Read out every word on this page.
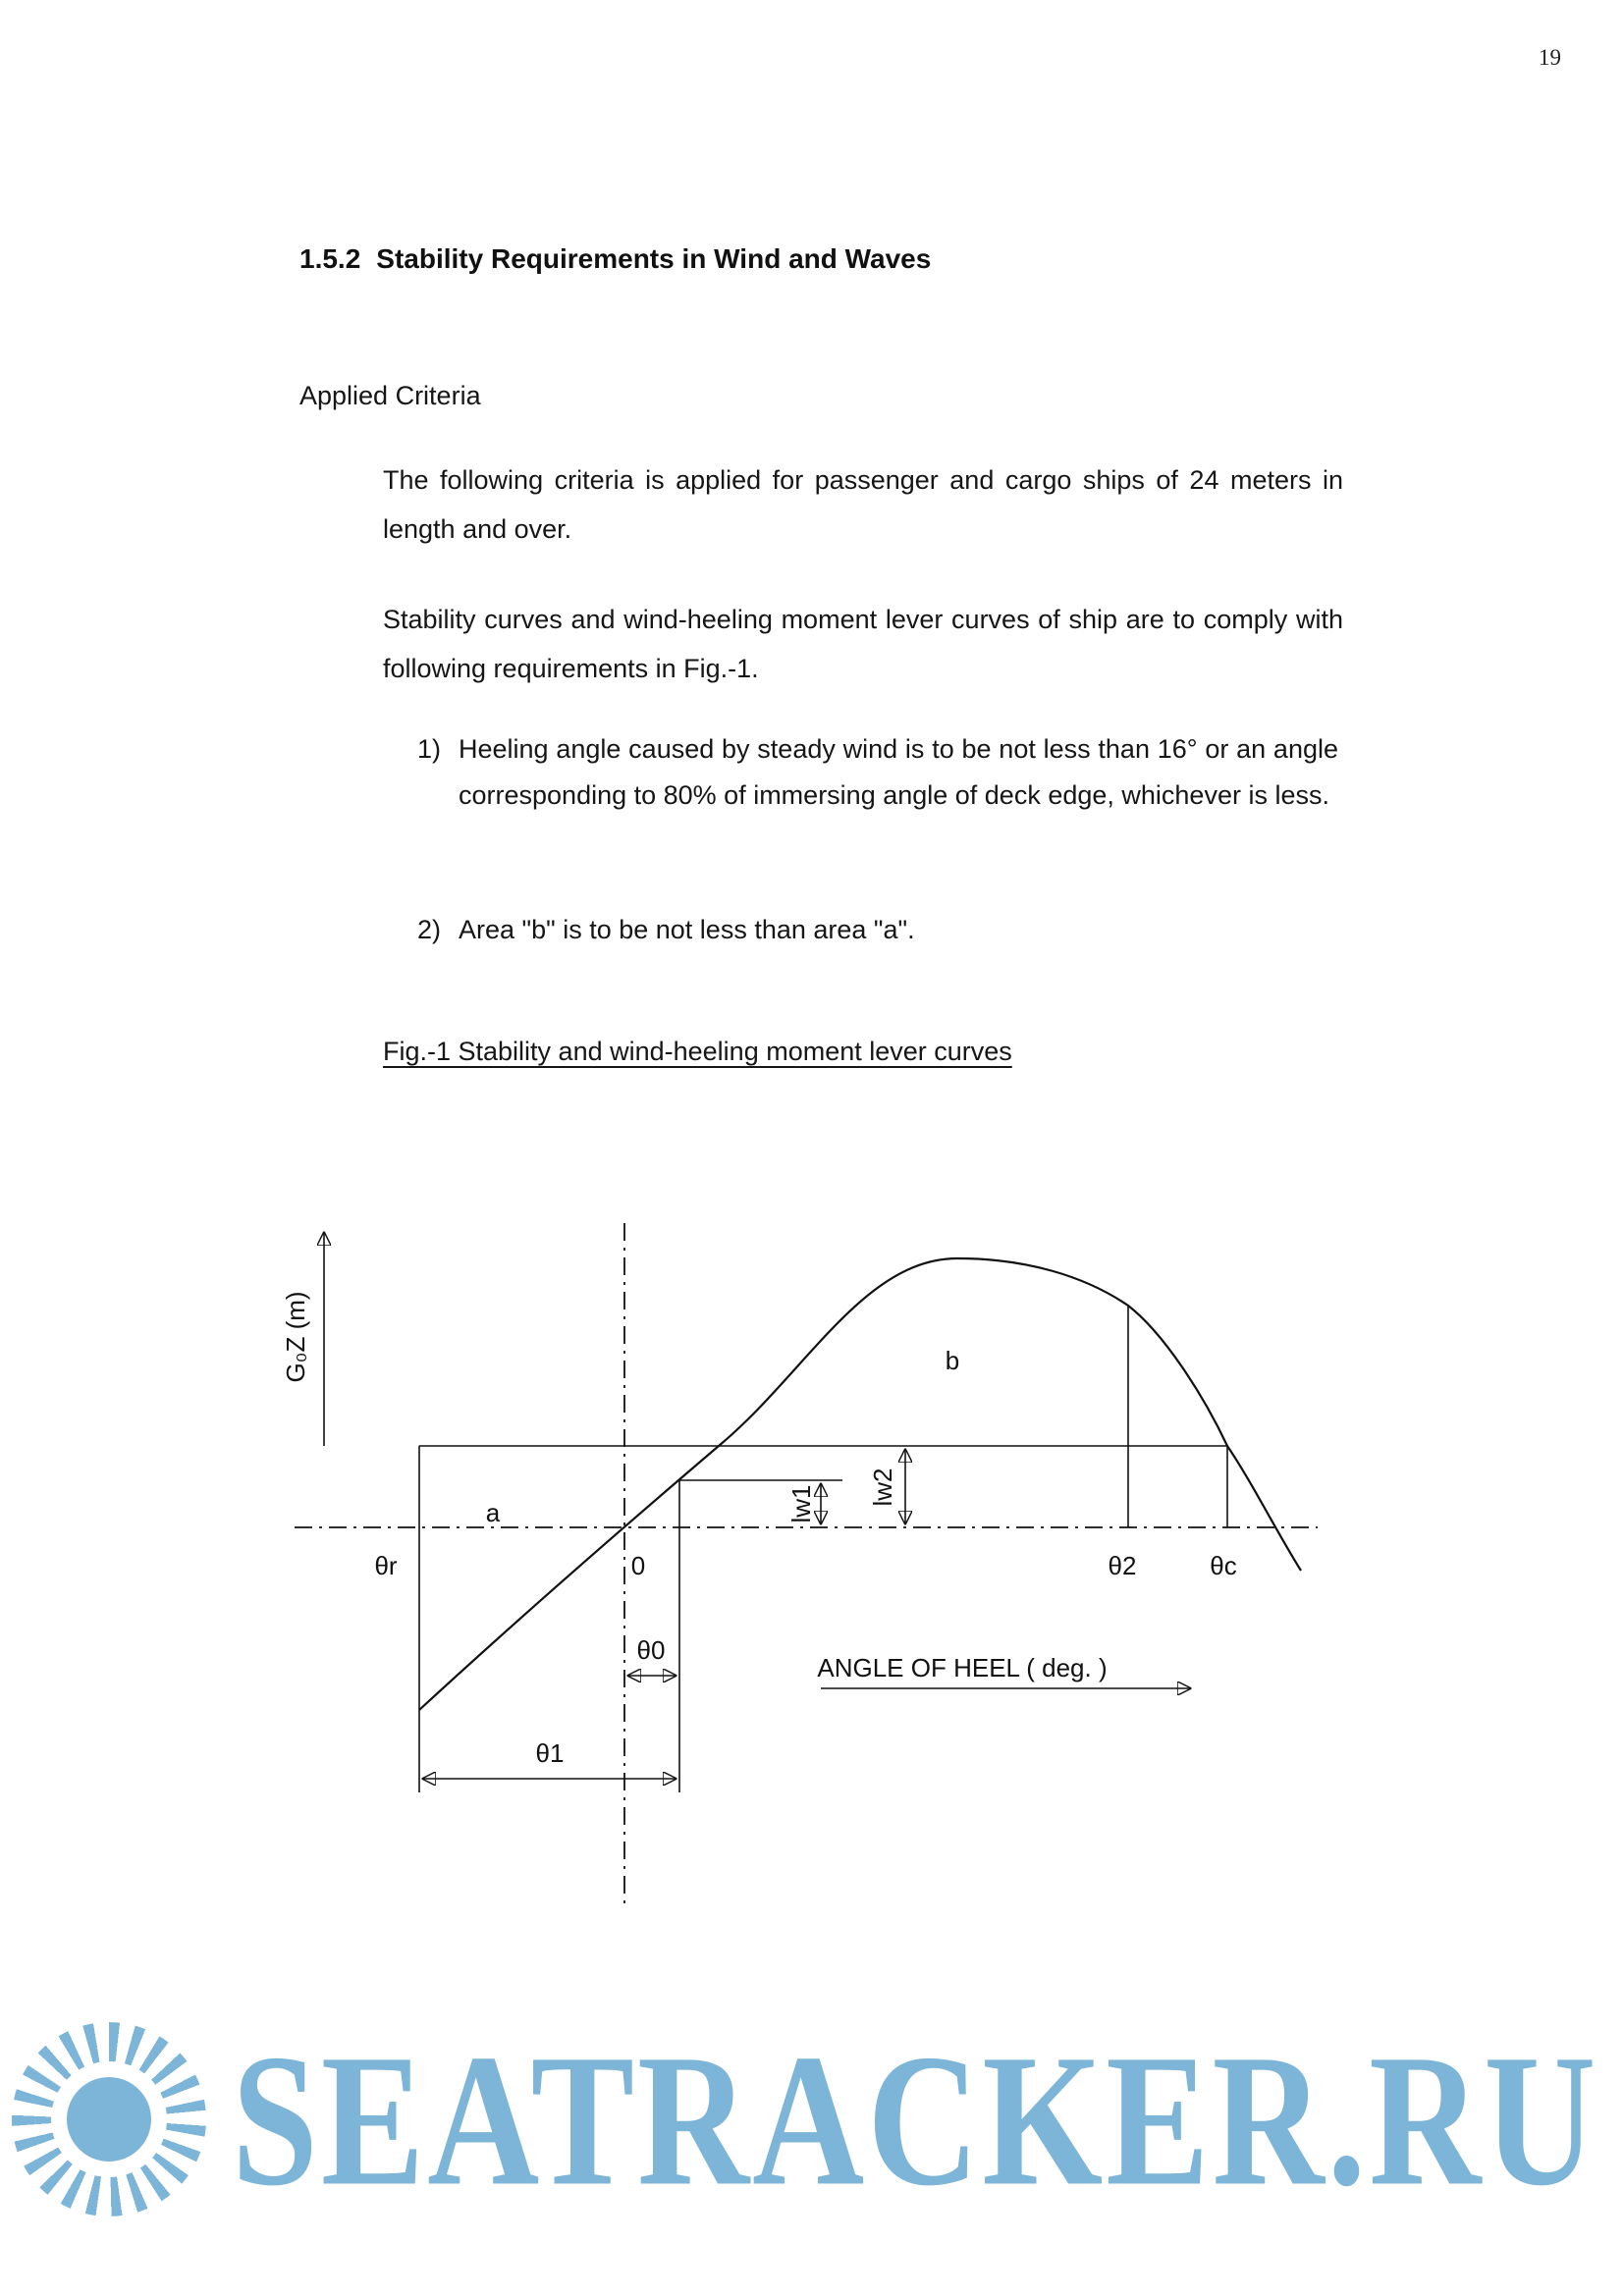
19
1.5.2 Stability Requirements in Wind and Waves
Applied Criteria

The following criteria is applied for passenger and cargo ships of 24 meters in length and over.

Stability curves and wind-heeling moment lever curves of ship are to comply with following requirements in Fig.-1.

1) Heeling angle caused by steady wind is to be not less than 16° or an angle corresponding to 80% of immersing angle of deck edge, whichever is less.
2) Area "b" is to be not less than area "a".
Fig.-1 Stability and wind-heeling moment lever curves
G₀Z (m)
θr	0	θ2	θc
a
b
lw1 lw2
θ0
θ1
ANGLE OF HEEL ( deg. )
SEATRACKER.RU
